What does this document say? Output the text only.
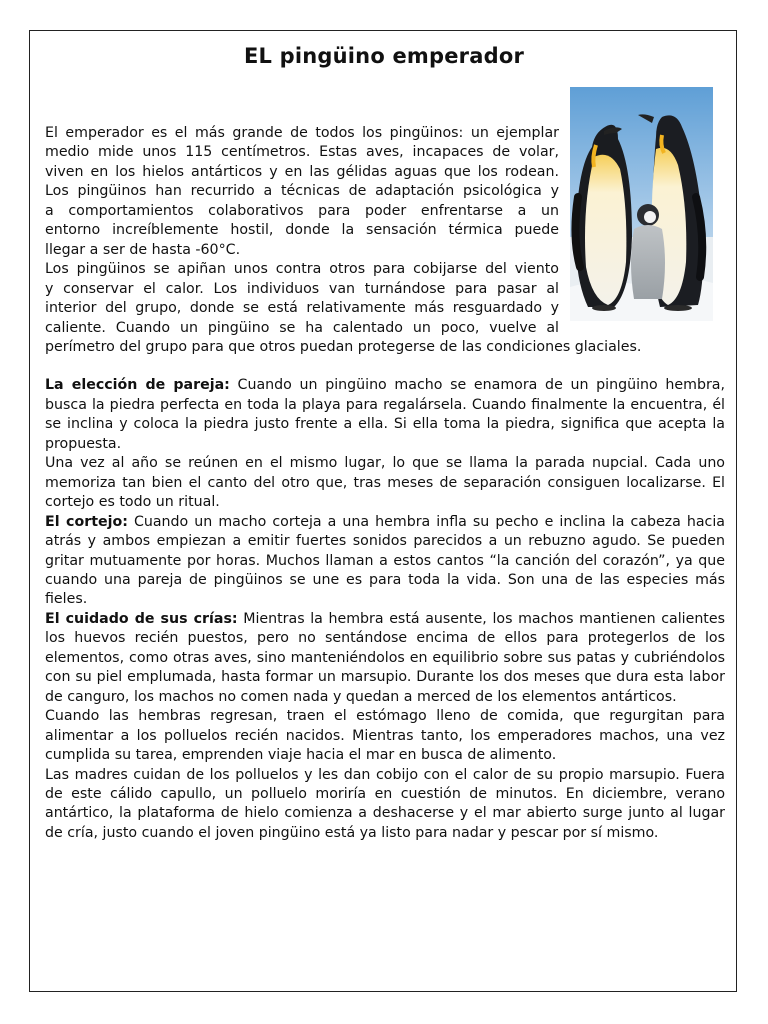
EL pingüino emperador

El emperador es el más grande de todos los pingüinos: un ejemplar
medio mide unos 115 centímetros. Estas aves, incapaces de volar,
viven en los hielos antárticos y en las gélidas aguas que los rodean.
Los pingüinos han recurrido a técnicas de adaptación psicológica y
a comportamientos colaborativos para poder enfrentarse a un
entorno increíblemente hostil, donde la sensación térmica puede
llegar a ser de hasta -60°C.
Los pingüinos se apiñan unos contra otros para cobijarse del viento
y conservar el calor. Los individuos van turnándose para pasar al
interior del grupo, donde se está relativamente más resguardado y
caliente. Cuando un pingüino se ha calentado un poco, vuelve al

perímetro del grupo para que otros puedan protegerse de las condiciones glaciales.

La elección de pareja: Cuando un pingüino macho se enamora de un pingüino hembra, busca la piedra perfecta en toda la playa para regalársela. Cuando finalmente la encuentra, él se inclina y coloca la piedra justo frente a ella. Si ella toma la piedra, significa que acepta la propuesta.

Una vez al año se reúnen en el mismo lugar, lo que se llama la parada nupcial. Cada uno memoriza tan bien el canto del otro que, tras meses de separación consiguen localizarse. El cortejo es todo un ritual.

El cortejo: Cuando un macho corteja a una hembra infla su pecho e inclina la cabeza hacia atrás y ambos empiezan a emitir fuertes sonidos parecidos a un rebuzno agudo. Se pueden gritar mutuamente por horas. Muchos llaman a estos cantos “la canción del corazón”, ya que cuando una pareja de pingüinos se une es para toda la vida. Son una de las especies más fieles.

El cuidado de sus crías: Mientras la hembra está ausente, los machos mantienen calientes los huevos recién puestos, pero no sentándose encima de ellos para protegerlos de los elementos, como otras aves, sino manteniéndolos en equilibrio sobre sus patas y cubriéndolos con su piel emplumada, hasta formar un marsupio. Durante los dos meses que dura esta labor de canguro, los machos no comen nada y quedan a merced de los elementos antárticos.

Cuando las hembras regresan, traen el estómago lleno de comida, que regurgitan para alimentar a los polluelos recién nacidos. Mientras tanto, los emperadores machos, una vez cumplida su tarea, emprenden viaje hacia el mar en busca de alimento.

Las madres cuidan de los polluelos y les dan cobijo con el calor de su propio marsupio. Fuera de este cálido capullo, un polluelo moriría en cuestión de minutos. En diciembre, verano antártico, la plataforma de hielo comienza a deshacerse y el mar abierto surge junto al lugar de cría, justo cuando el joven pingüino está ya listo para nadar y pescar por sí mismo.
